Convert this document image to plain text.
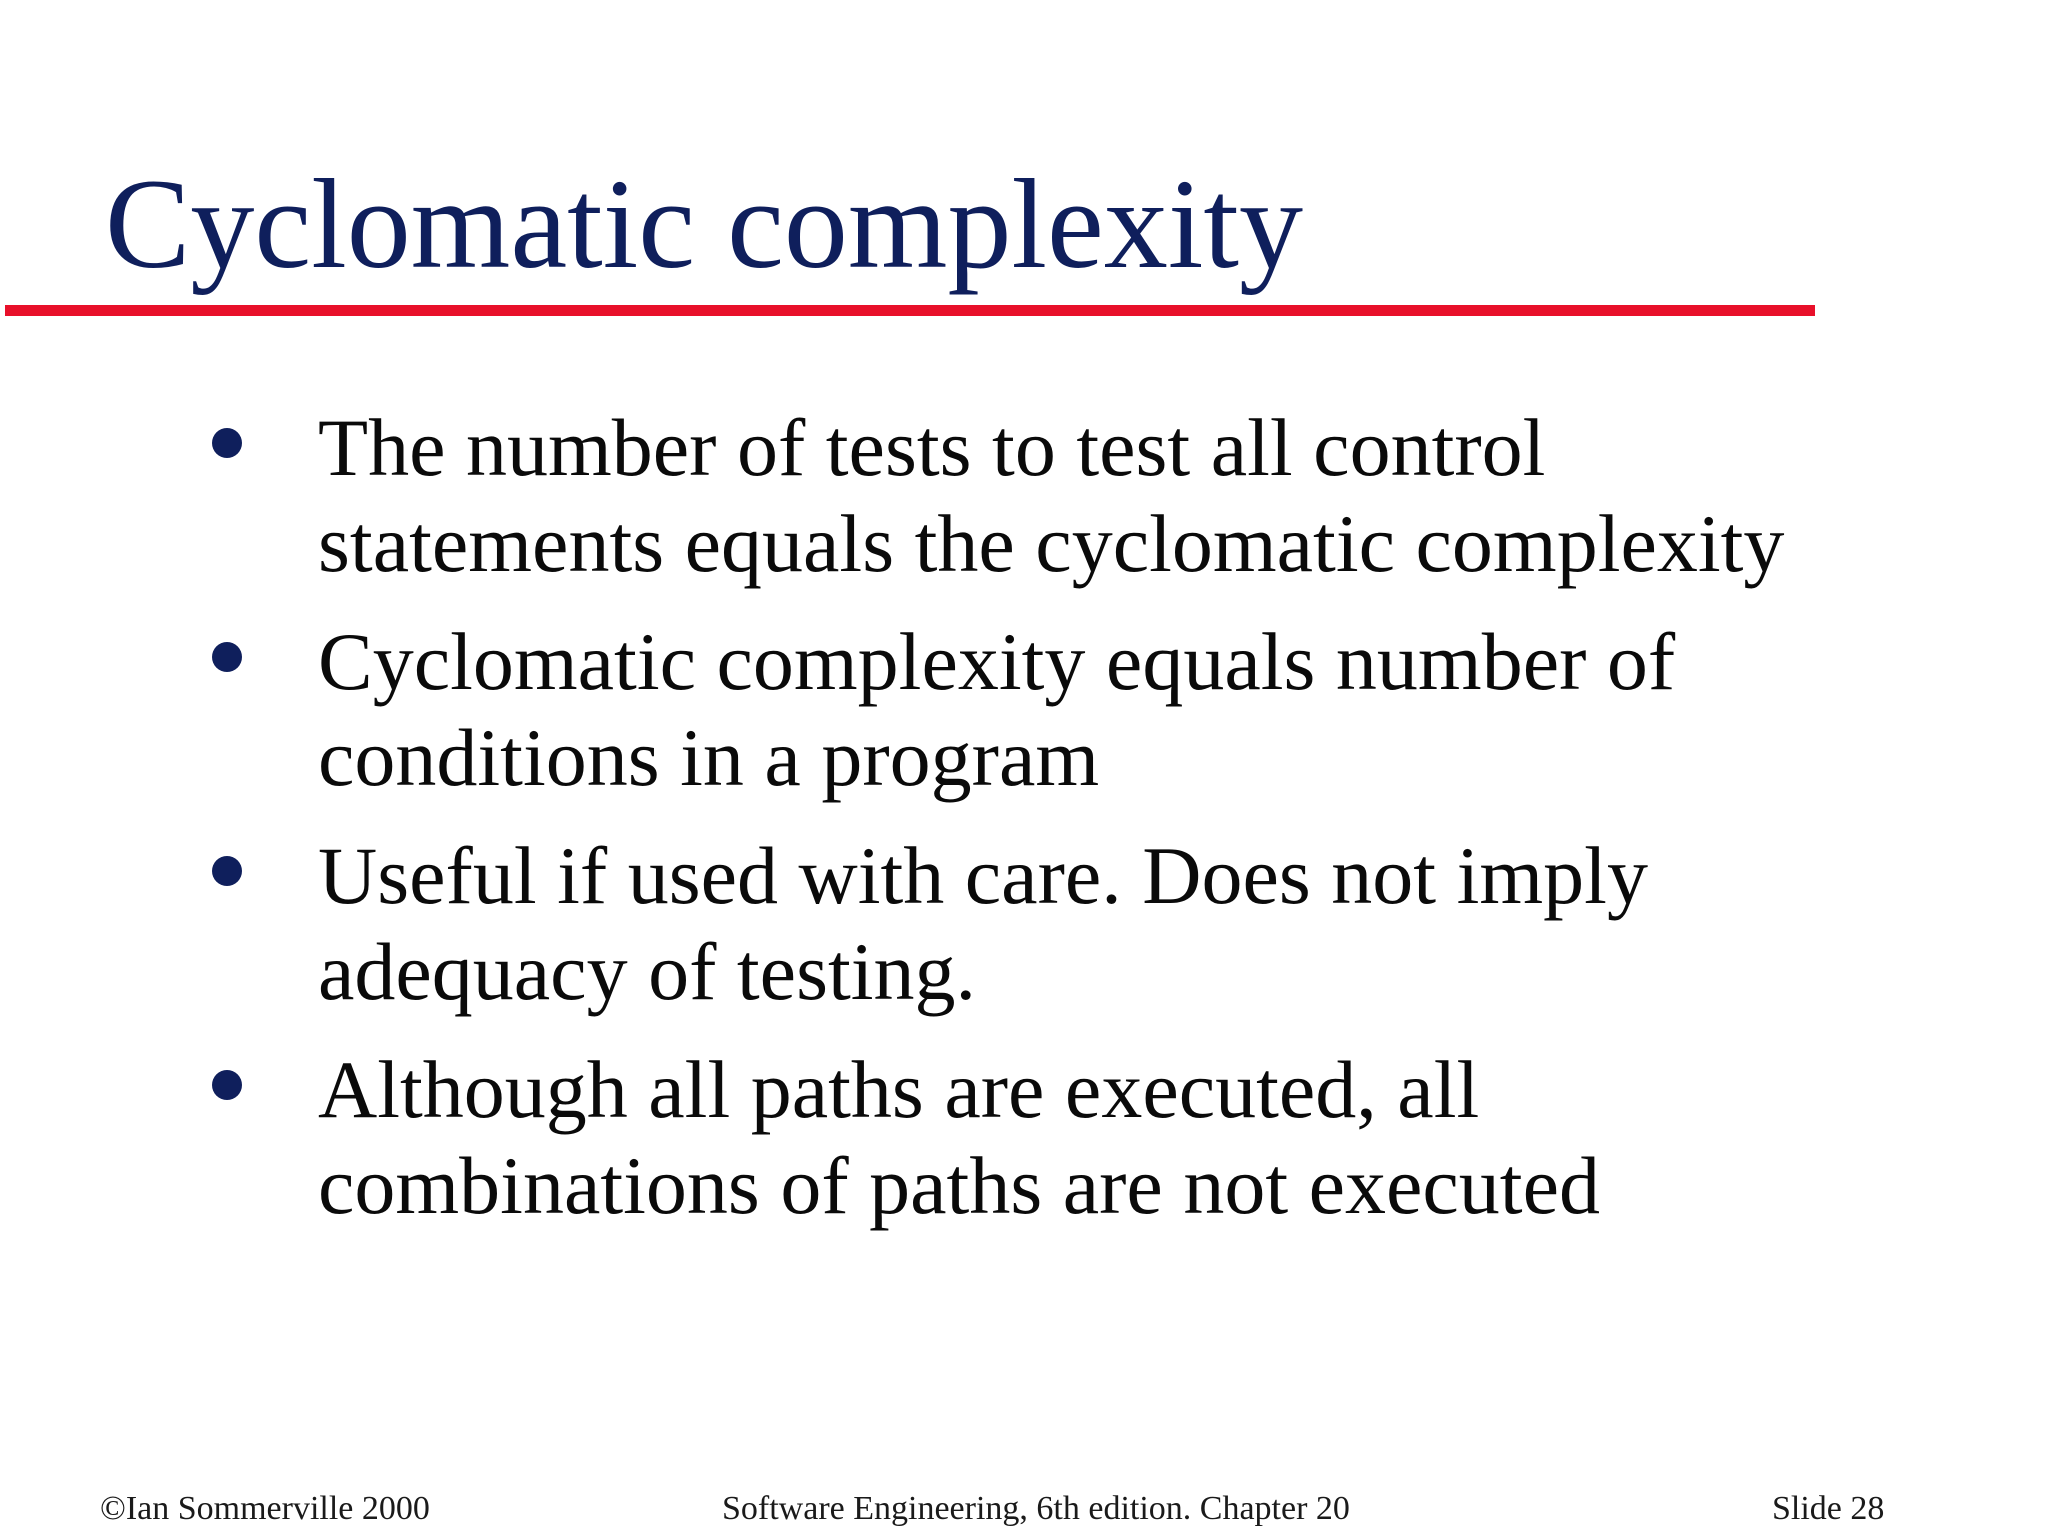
Cyclomatic complexity
The number of tests to test all control statements equals the cyclomatic complexity
Cyclomatic complexity equals number of conditions in a program
Useful if used with care. Does not imply adequacy of testing.
Although all paths are executed, all combinations of paths are not executed
©Ian Sommerville 2000	Software Engineering, 6th edition. Chapter 20	Slide 28
